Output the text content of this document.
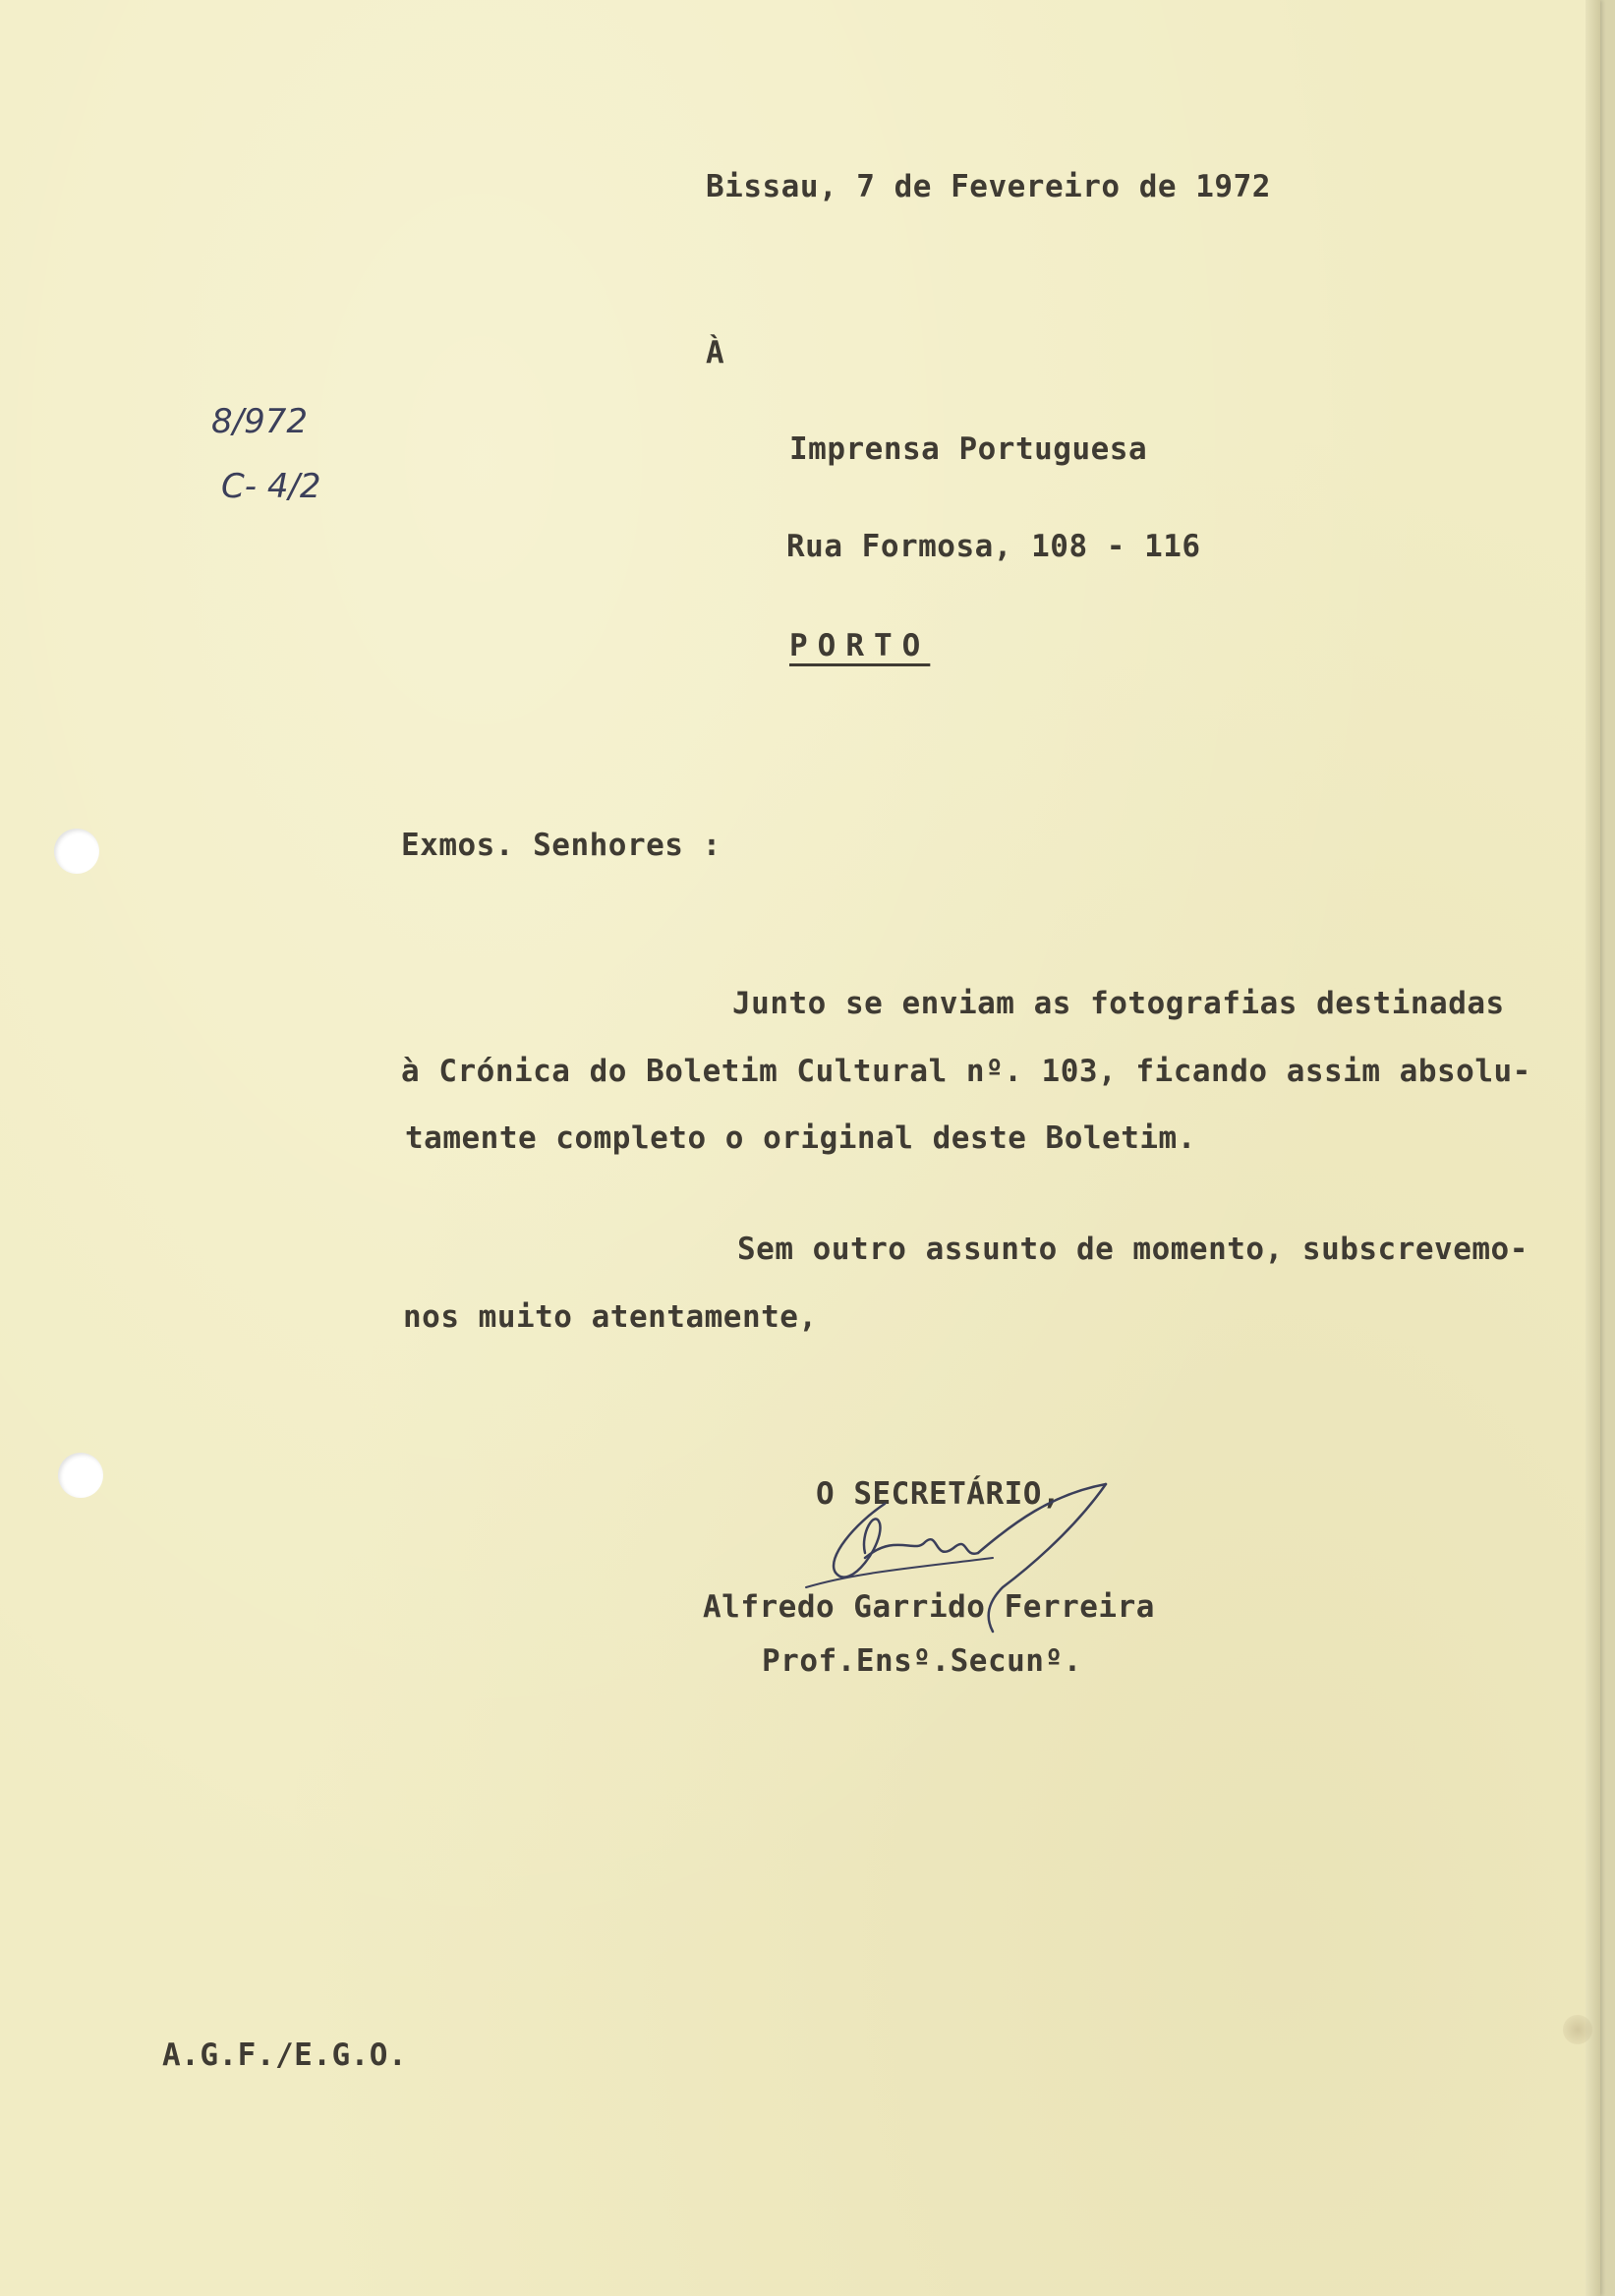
Bissau, 7 de Fevereiro de 1972

À

8/972
C- 4/2

Imprensa Portuguesa

Rua Formosa, 108 - 116

PORTO

Exmos. Senhores :

Junto se enviam as fotografias destinadas

à Crónica do Boletim Cultural nº. 103, ficando assim absolu-

tamente completo o original deste Boletim.

Sem outro assunto de momento, subscrevemo-

nos muito atentamente,

O SECRETÁRIO,

Alfredo Garrido Ferreira

Prof.Ensº.Secunº.

A.G.F./E.G.O.
